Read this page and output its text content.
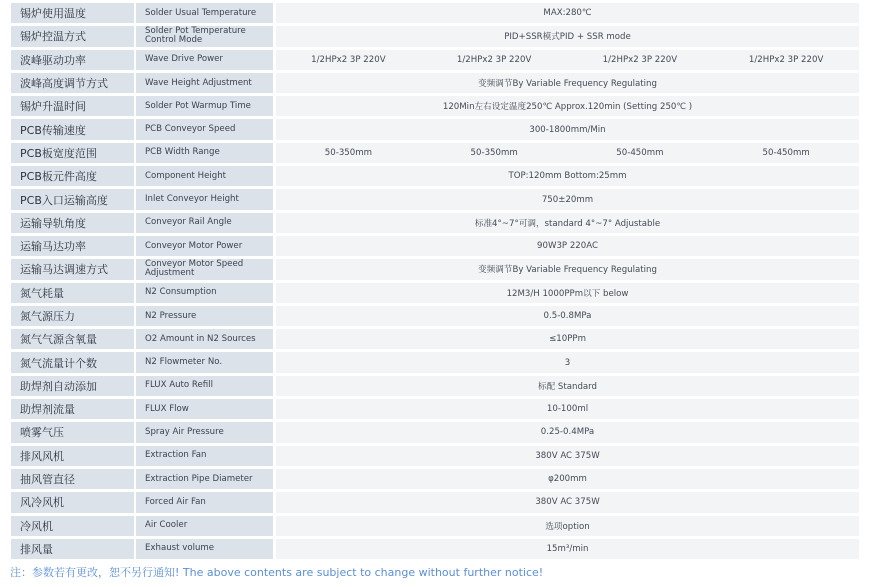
锡炉使用温度	Solder Usual Temperature	MAX:280℃			
锡炉控温方式	Solder Pot Temperature Control Mode	PID+SSR模式PID + SSR mode			
波峰驱动功率	Wave Drive Power	1/2HPx2 3P 220V	1/2HPx2 3P 220V	1/2HPx2 3P 220V	1/2HPx2 3P 220V
波峰高度调节方式	Wave Height Adjustment	变频调节By Variable Frequency Regulating			
锡炉升温时间	Solder Pot Warmup Time	120Min左右设定温度250℃ Approx.120min (Setting 250℃ )			
PCB传输速度	PCB Conveyor Speed	300-1800mm/Min			
PCB板宽度范围	PCB Width Range	50-350mm	50-350mm	50-450mm	50-450mm
PCB板元件高度	Component Height	TOP:120mm Bottom:25mm			
PCB入口运输高度	Inlet Conveyor Height	750±20mm			
运输导轨角度	Conveyor Rail Angle	标准4°~7°可调，standard 4°~7° Adjustable			
运输马达功率	Conveyor Motor Power	90W3P 220AC			
运输马达调速方式	Conveyor Motor Speed Adjustment	变频调节By Variable Frequency Regulating			
氮气耗量	N2 Consumption	12M3/H 1000PPm以下 below			
氮气源压力	N2 Pressure	0.5-0.8MPa			
氮气气源含氧量	O2 Amount in N2 Sources	≤10PPm			
氮气流量计个数	N2 Flowmeter No.	3			
助焊剂自动添加	FLUX Auto Refill	标配 Standard			
助焊剂流量	FLUX Flow	10-100ml			
喷雾气压	Spray Air Pressure	0.25-0.4MPa			
排风风机	Extraction Fan	380V AC 375W			
抽风管直径	Extraction Pipe Diameter	φ200mm			
风冷风机	Forced Air Fan	380V AC 375W			
冷风机	Air Cooler	选项option			
排风量	Exhaust volume	15m³/min			
注：参数若有更改，恕不另行通知! The above contents are subject to change without further notice!
